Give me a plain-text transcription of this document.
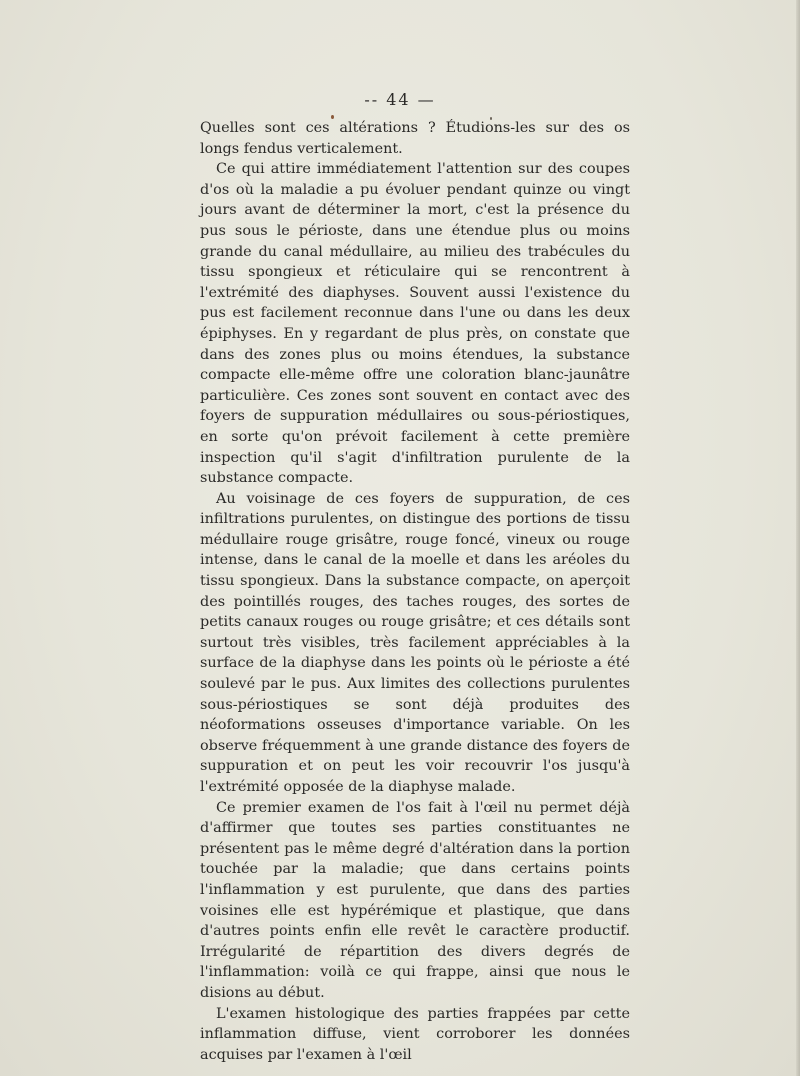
-- 44 —

Quelles sont ces altérations ? Étudions-les sur des os longs fendus verticalement.

Ce qui attire immédiatement l'attention sur des coupes d'os où la maladie a pu évoluer pendant quinze ou vingt jours avant de déterminer la mort, c'est la présence du pus sous le périoste, dans une étendue plus ou moins grande du canal médullaire, au milieu des trabécules du tissu spongieux et réticulaire qui se rencontrent à l'extrémité des diaphyses. Souvent aussi l'existence du pus est facilement reconnue dans l'une ou dans les deux épiphyses. En y regardant de plus près, on constate que dans des zones plus ou moins étendues, la substance compacte elle-même offre une coloration blanc-jaunâtre particulière. Ces zones sont souvent en contact avec des foyers de suppuration médullaires ou sous-périostiques, en sorte qu'on prévoit facilement à cette première inspection qu'il s'agit d'infiltration purulente de la substance compacte.

Au voisinage de ces foyers de suppuration, de ces infiltrations purulentes, on distingue des portions de tissu médullaire rouge grisâtre, rouge foncé, vineux ou rouge intense, dans le canal de la moelle et dans les aréoles du tissu spongieux. Dans la substance compacte, on aperçoit des pointillés rouges, des taches rouges, des sortes de petits canaux rouges ou rouge grisâtre; et ces détails sont surtout très visibles, très facilement appréciables à la surface de la diaphyse dans les points où le périoste a été soulevé par le pus. Aux limites des collections purulentes sous-périostiques se sont déjà produites des néoformations osseuses d'importance variable. On les observe fréquemment à une grande distance des foyers de suppuration et on peut les voir recouvrir l'os jusqu'à l'extrémité opposée de la diaphyse malade.

Ce premier examen de l'os fait à l'œil nu permet déjà d'affirmer que toutes ses parties constituantes ne présentent pas le même degré d'altération dans la portion touchée par la maladie; que dans certains points l'inflammation y est purulente, que dans des parties voisines elle est hypérémique et plastique, que dans d'autres points enfin elle revêt le caractère productif. Irrégularité de répartition des divers degrés de l'inflammation: voilà ce qui frappe, ainsi que nous le disions au début.

L'examen histologique des parties frappées par cette inflammation diffuse, vient corroborer les données acquises par l'examen à l'œil
